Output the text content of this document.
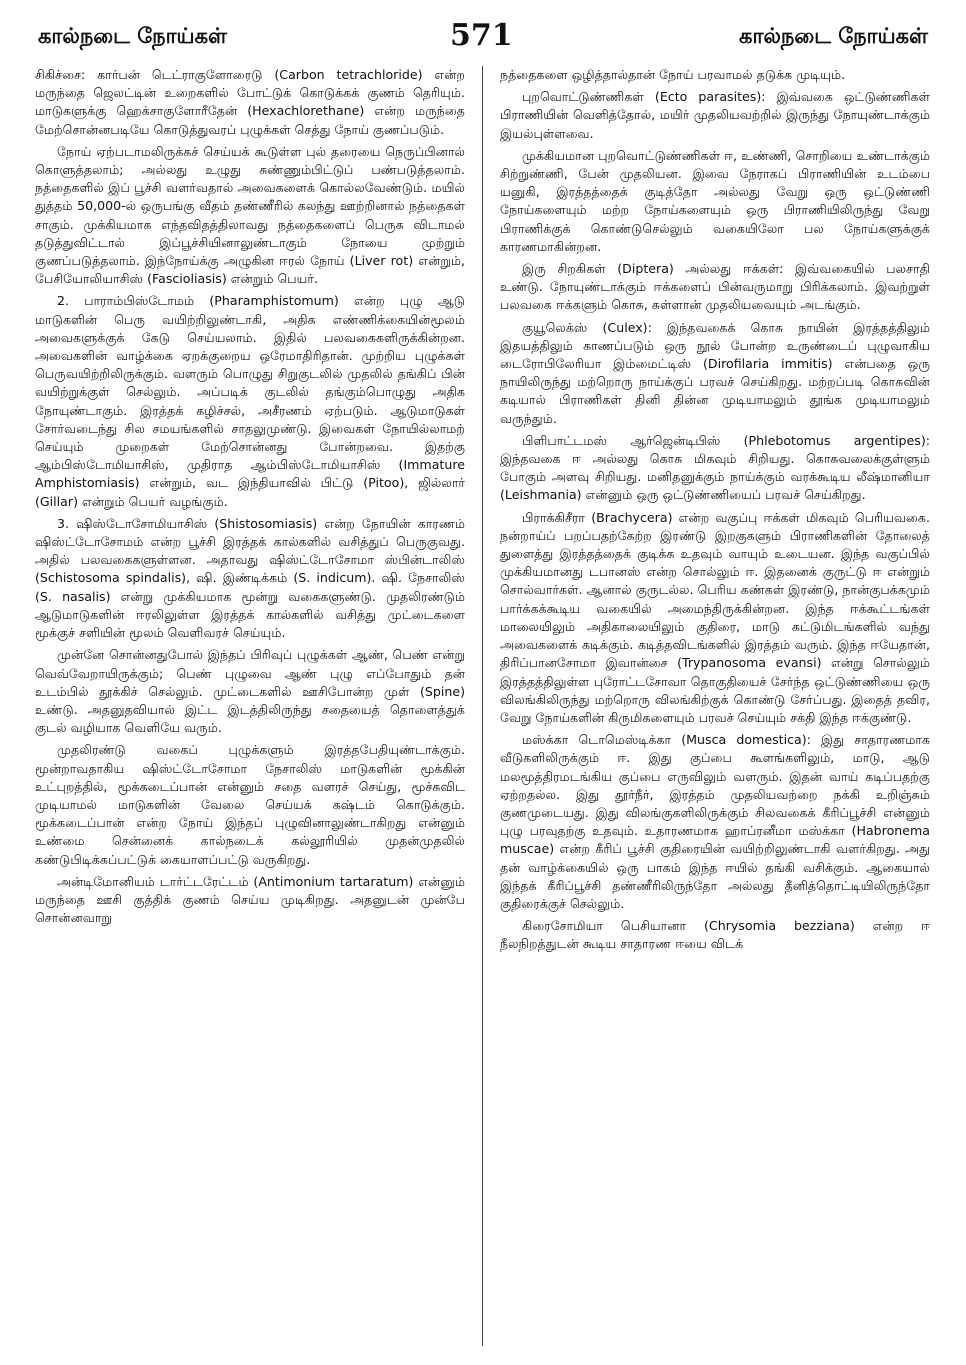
கால்நடை நோய்கள்	571	கால்நடை நோய்கள்

சிகிச்சை: கார்பன் டெட்ராகுளோரைடு (Carbon tetrachloride) என்ற மருந்தை ஜெலட்டின் உறைகளில் போட்டுக் கொடுக்கக் குணம் தெரியும். மாடுகளுக்கு ஹெக்சாகுளோரீதேன் (Hexachlorethane) என்ற மருந்தை மேற்சொன்னபடியே கொடுத்துவரப் புழுக்கள் செத்து நோய் குணப்படும்.

நோய் ஏற்படாமலிருக்கச் செய்யக் கூடுள்ள புல் தரையை நெருப்பினால் கொளுத்தலாம்; அல்லது உழுது சுண்ணும்பிட்டுப் பண்படுத்தலாம். நத்தைகளில் இப் பூச்சி வளர்வதால் அவைகளைக் கொல்லவேண்டும். மயில் துத்தம் 50,000-ல் ஒருபங்கு வீதம் தண்ணீரில் கலந்து ஊற்றினால் நத்தைகள் சாகும். முக்கியமாக எந்தவிதத்திலாவது நத்தைகளைப் பெருக விடாமல் தடுத்துவிட்டால் இப்பூச்சியினாலுண்டாகும் நோயை முற்றும் குணப்படுத்தலாம். இந்நோய்க்கு அழுகின ஈரல் நோய் (Liver rot) என்றும், பேசியோலியாசிஸ் (Fascioliasis) என்றும் பெயர்.

2. பாராம்பிஸ்டோமம் (Pharamphistomum) என்ற புழு ஆடு மாடுகளின் பெரு வயிற்றிலுண்டாகி, அதிக எண்ணிக்கையின்மூலம் அவைகளுக்குக் கேடு செய்யலாம். இதில் பலவகைகளிருக்கின்றன. அவைகளின் வாழ்க்கை ஏறக்குறைய ஒரேமாதிரிதான். முற்றிய புழுக்கள் பெருவயிற்றிலிருக்கும். வளரும் பொழுது சிறுகுடலில் முதலில் தங்கிப் பின் வயிற்றுக்குள் செல்லும். அப்படிக் குடலில் தங்கும்பொழுது அதிக நோயுண்டாகும். இரத்தக் கழிச்சல், அசீரணம் ஏற்படும். ஆடுமாடுகள் சோர்வடைந்து சில சமயங்களில் சாதலுமுண்டு. இவைகள் நோயில்லாமற் செய்யும் முறைகள் மேற்சொன்னது போன்றவை. இதற்கு ஆம்பிஸ்டோமியாசிஸ், முதிராத ஆம்பிஸ்டோமியாசிஸ் (Immature Amphistomiasis) என்றும், வட இந்தியாவில் பிட்டு (Pitoo), ஜில்லார் (Gillar) என்றும் பெயர் வழங்கும்.

3. ஷிஸ்டோசோமியாசிஸ் (Shistosomiasis) என்ற நோயின் காரணம் ஷிஸ்ட்டோசோமம் என்ற பூச்சி இரத்தக் கால்களில் வசித்துப் பெருகுவது. அதில் பலவகைகளுள்ளன. அதாவது ஷிஸ்ட்டோசோமா ஸ்பின்டாலிஸ் (Schistosoma spindalis), ஷி. இண்டிக்கம் (S. indicum). ஷி. நேசாலிஸ் (S. nasalis) என்று முக்கியமாக மூன்று வகைகளுண்டு. முதலிரண்டும் ஆடுமாடுகளின் ஈரலிலுள்ள இரத்தக் கால்களில் வசித்து முட்டைகளை மூக்குச் சளியின் மூலம் வெளிவரச் செய்யும்.

முன்னே சொன்னதுபோல் இந்தப் பிரிவுப் புழுக்கள் ஆண், பெண் என்று வெவ்வேறாயிருக்கும்; பெண் புழுவை ஆண் புழு எப்போதும் தன் உடம்பில் தூக்கிச் செல்லும். முட்டைகளில் ஊசிபோன்ற முள் (Spine) உண்டு. அதனுதவியால் இட்ட இடத்திலிருந்து சதையைத் தொளைத்துக் குடல் வழியாக வெளியே வரும்.

முதலிரண்டு வகைப் புழுக்களும் இரத்தபேதியுண்டாக்கும். மூன்றாவதாகிய ஷிஸ்ட்டோசோமா நேசாலிஸ் மாடுகளின் மூக்கின் உட்புறத்தில், மூக்கடைப்பான் என்னும் சதை வளரச் செய்து, மூச்சுவிட முடியாமல் மாடுகளின் வேலை செய்யக் கஷ்டம் கொடுக்கும். மூக்கடைப்பான் என்ற நோய் இந்தப் புழுவினாலுண்டாகிறது என்னும் உண்மை சென்னைக் கால்நடைக் கல்லூரியில் முதன்முதலில் கண்டுபிடிக்கப்பட்டுக் கையாளப்பட்டு வருகிறது.

அன்டிமோனியம் டார்ட்டரேட்டம் (Antimonium tartaratum) என்னும் மருந்தை ஊசி குத்திக் குணம் செய்ய முடிகிறது. அதனுடன் முன்பே சொன்னவாறு

நத்தைகளை ஒழித்தால்தான் நோய் பரவாமல் தடுக்க முடியும்.

புறவொட்டுண்ணிகள் (Ecto parasites): இவ்வகை ஒட்டுண்ணிகள் பிராணியின் வெளித்தோல், மயிர் முதலியவற்றில் இருந்து நோயுண்டாக்கும் இயல்புள்ளவை.

முக்கியமான புறவொட்டுண்ணிகள் ஈ, உண்ணி, சொறியை உண்டாக்கும் சிற்றுண்ணி, பேன் முதலியன. இவை நேராகப் பிராணியின் உடம்பை யனுகி, இரத்தத்தைக் குடித்தோ அல்லது வேறு ஒரு ஒட்டுண்ணி நோய்களையும் மற்ற நோய்களையும் ஒரு பிராணியிலிருந்து வேறு பிராணிக்குக் கொண்டுசெல்லும் வகையிலோ பல நோய்களுக்குக் காரணமாகின்றன.

இரு சிறகிகள் (Diptera) அல்லது ஈக்கள்: இவ்வகையில் பலசாதி உண்டு. நோயுண்டாக்கும் ஈக்களைப் பின்வருமாறு பிரிக்கலாம். இவற்றுள் பலவகை ஈக்களும் கொசு, சுள்ளான் முதலியவையும் அடங்கும்.

குயூலெக்ஸ் (Culex): இந்தவகைக் கொசு நாயின் இரத்தத்திலும் இதயத்திலும் காணப்படும் ஒரு நூல் போன்ற உருண்டைப் புழுவாகிய டைரோபிலேரியா இம்மைட்டிஸ் (Dirofilaria immitis) என்பதை ஒரு நாயிலிருந்து மற்றொரு நாய்க்குப் பரவச் செய்கிறது. மற்றப்படி கொசுவின் கடியால் பிராணிகள் தினி தின்ன முடியாமலும் தூங்க முடியாமலும் வருந்தும்.

பிளிபாட்டமஸ் ஆர்ஜென்டிபிஸ் (Phlebotomus argentipes): இந்தவகை ஈ அல்லது கொசு மிகவும் சிறியது. கொசுவலைக்குள்ளும் போகும் அளவு சிறியது. மனிதனுக்கும் நாய்க்கும் வரக்கூடிய லீஷ்மானியா (Leishmania) என்னும் ஒரு ஒட்டுண்ணியைப் பரவச் செய்கிறது.

பிராக்கிசீரா (Brachycera) என்ற வகுப்பு ஈக்கள் மிகவும் பெரியவகை. நன்றாய்ப் பறப்பதற்கேற்ற இரண்டு இறகுகளும் பிராணிகளின் தோலைத் துளைத்து இரத்தத்தைக் குடிக்க உதவும் வாயும் உடையன. இந்த வகுப்பில் முக்கியமானது டபானஸ் என்ற சொல்லும் ஈ. இதனைக் குருட்டு ஈ என்றும் சொல்வார்கள். ஆனால் குருடல்ல. பெரிய கண்கள் இரண்டு, நான்குபக்கமும் பார்க்கக்கூடிய வகையில் அமைந்திருக்கின்றன. இந்த ஈக்கூட்டங்கள் மாலையிலும் அதிகாலையிலும் குதிரை, மாடு கட்டுமிடங்களில் வந்து அவைகளைக் கடிக்கும். கடித்தவிடங்களில் இரத்தம் வரும். இந்த ஈயேதான், திரிப்பானசோமா இவான்சை (Trypanosoma evansi) என்று சொல்லும் இரத்தத்திலுள்ள புரோட்டசோவா தொகுதியைச் சேர்ந்த ஒட்டுண்ணியை ஒரு விலங்கிலிருந்து மற்றொரு விலங்கிற்குக் கொண்டு சேர்ப்பது. இதைத் தவிர, வேறு நோய்களின் கிருமிகளையும் பரவச் செய்யும் சக்தி இந்த ஈக்குண்டு.

மஸ்க்கா டொமெஸ்டிக்கா (Musca domestica): இது சாதாரணமாக வீடுகளிலிருக்கும் ஈ. இது குப்பை கூளங்களிலும், மாடு, ஆடு மலமூத்திரமடங்கிய குப்பை எருவிலும் வளரும். இதன் வாய் கடிப்பதற்கு ஏற்றதல்ல. இது தூர்நீர், இரத்தம் முதலியவற்றை நக்கி உறிஞ்சும் குணமுடையது. இது விலங்குகளிலிருக்கும் சிலவகைக் கீரிப்பூச்சி என்னும் புழு பரவுதற்கு உதவும். உதாரணமாக ஹாப்ரனீமா மஸ்க்கா (Habronema muscae) என்ற கீரிப் பூச்சி குதிரையின் வயிற்றிலுண்டாகி வளர்கிறது. அது தன் வாழ்க்கையில் ஒரு பாகம் இந்த ஈயில் தங்கி வசிக்கும். ஆகையால் இந்தக் கீரிப்பூச்சி தண்ணீரிலிருந்தோ அல்லது தீனித்தொட்டியிலிருந்தோ குதிரைக்குச் செல்லும்.

கிரைசோமியா பெசியானா (Chrysomia bezziana) என்ற ஈ நீலநிறத்துடன் கூடிய சாதாரண ஈயை விடக்
